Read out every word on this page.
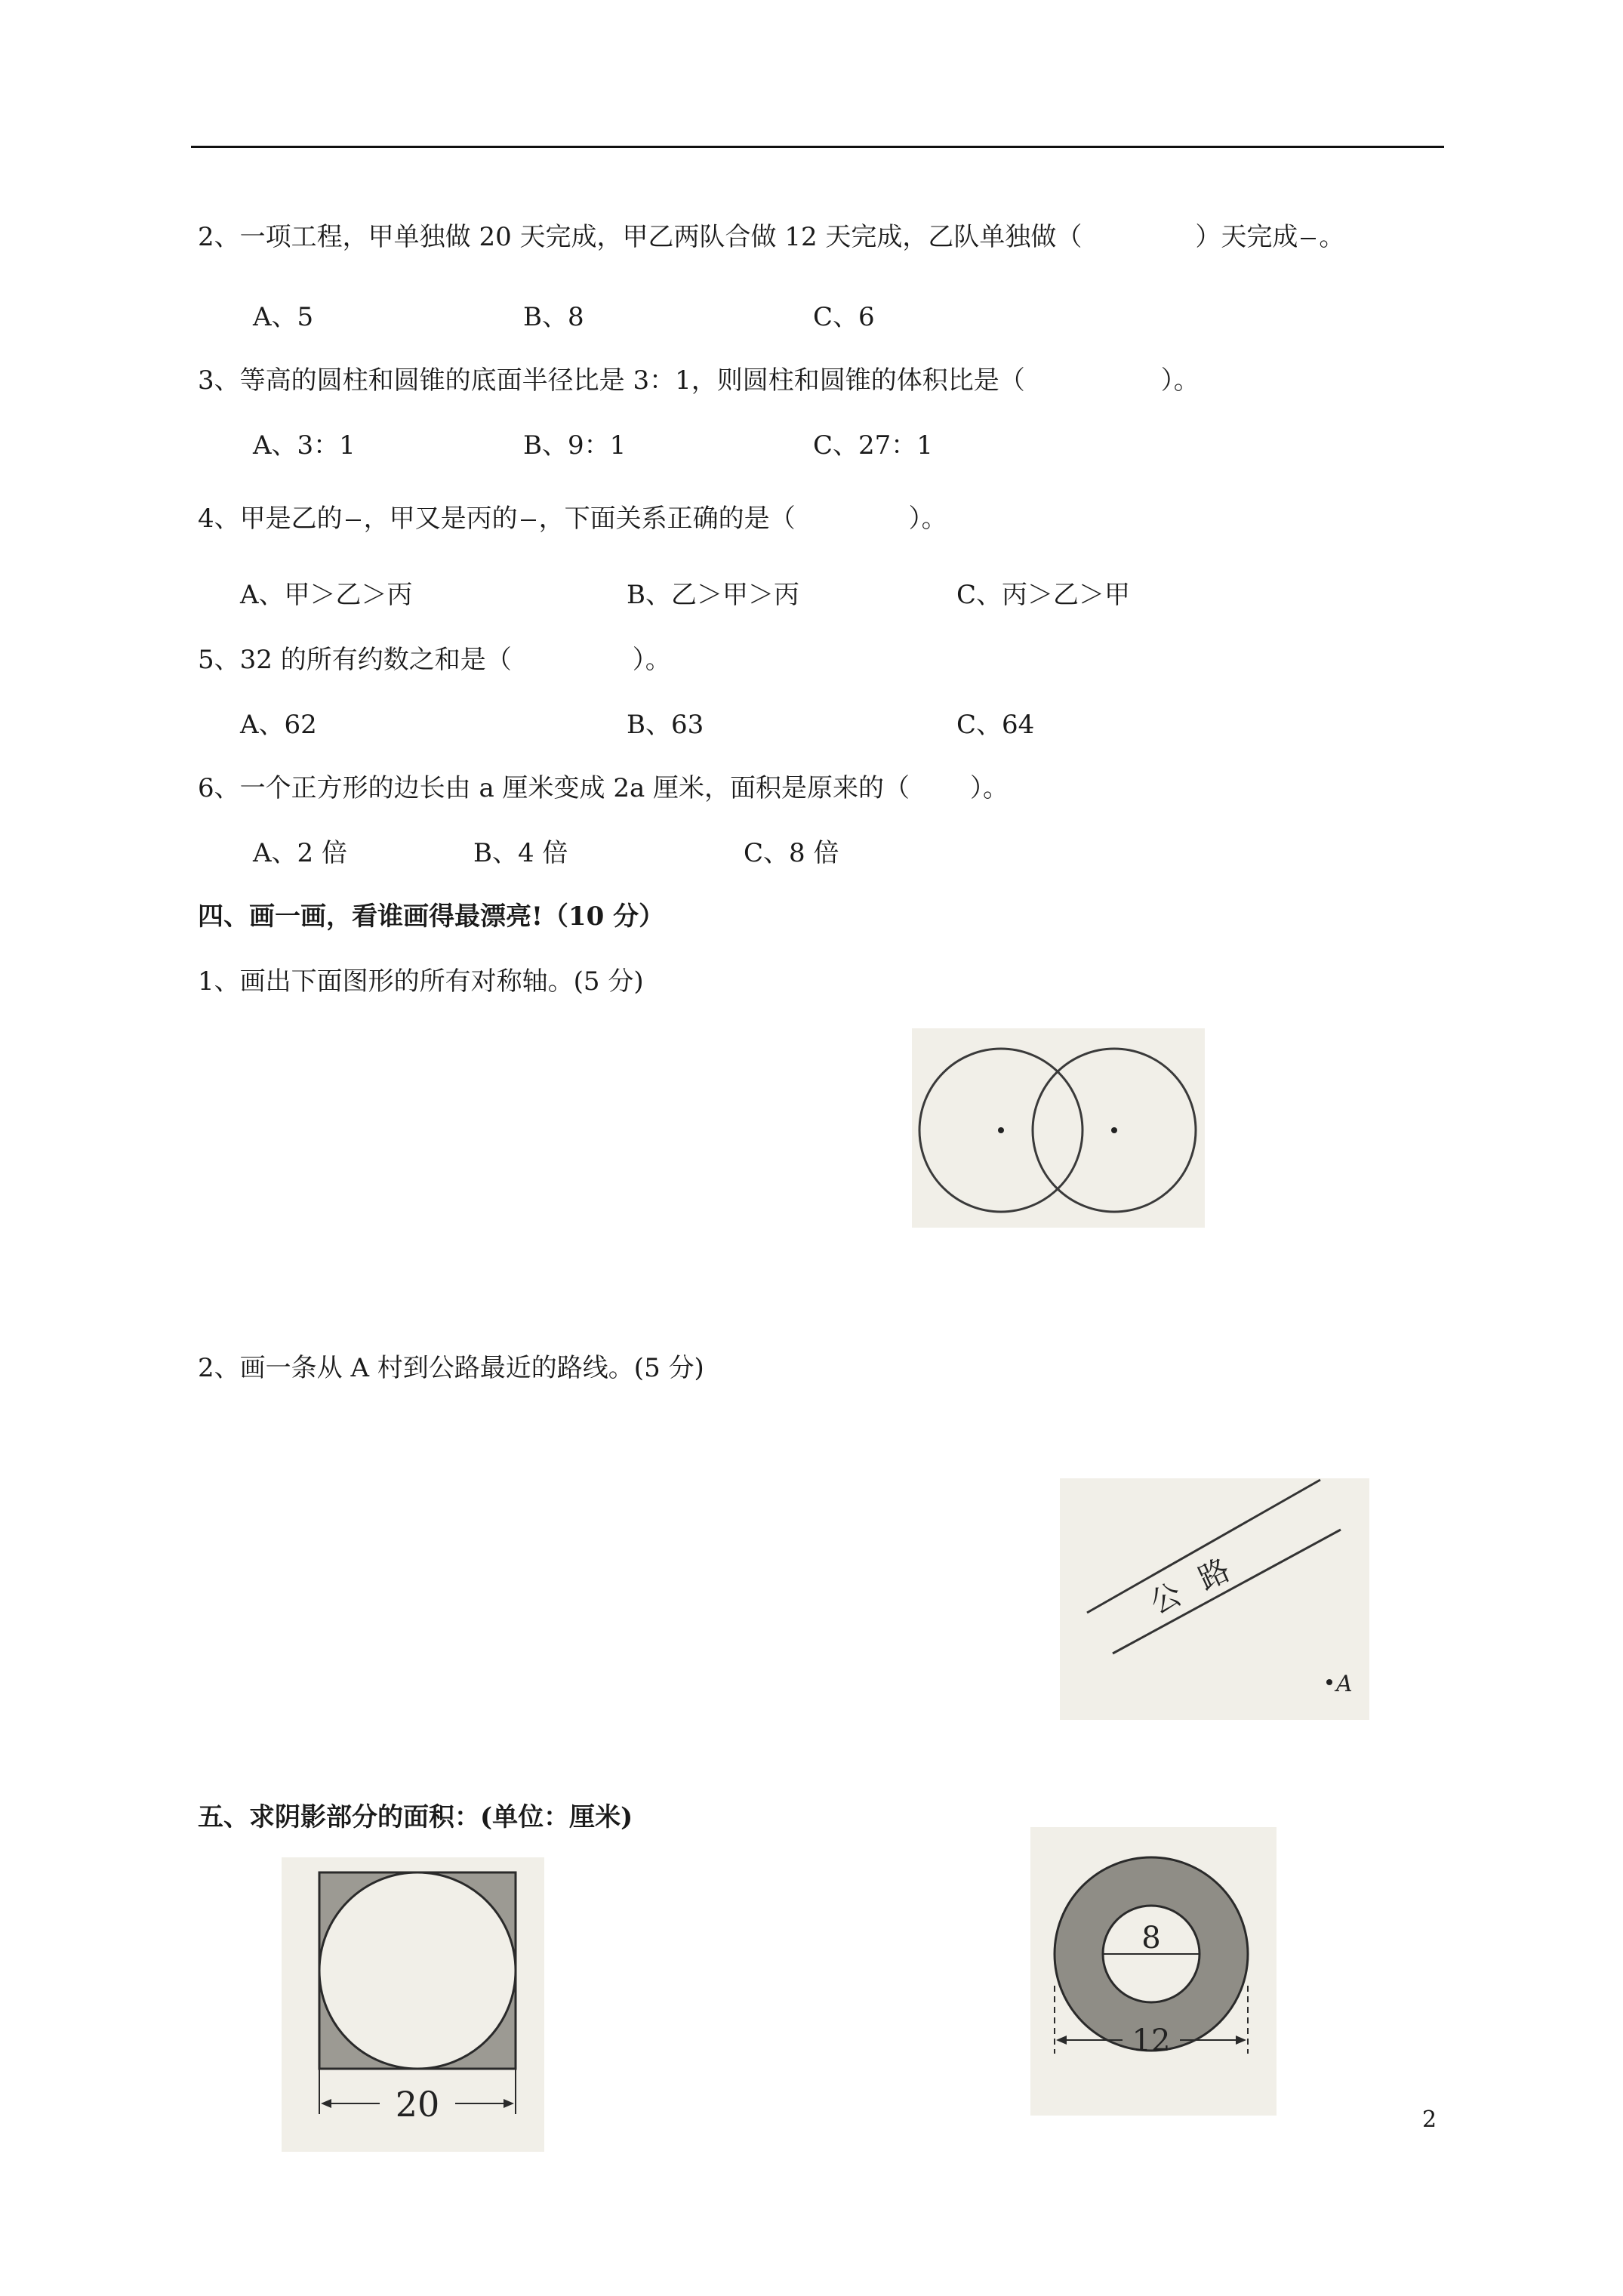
2、一项工程，甲单独做 20 天完成，甲乙两队合做 12 天完成，乙队单独做（	）天完成 。
A、5	B、8	C、6
3、等高的圆柱和圆锥的底面半径比是 3：1，则圆柱和圆锥的体积比是（	）。
A、3：1	B、9：1	C、27：1
4、甲是乙的 ，甲又是丙的 ，下面关系正确的是（	）。
A、甲＞乙＞丙	B、乙＞甲＞丙	C、丙＞乙＞甲
5、32 的所有约数之和是（	）。
A、62	B、63	C、64
6、一个正方形的边长由 a 厘米变成 2a 厘米，面积是原来的（ ）。
A、2 倍	B、4 倍	C、8 倍
四、画一画，看谁画得最漂亮!（10 分）
1、画出下面图形的所有对称轴。(5 分)
2、画一条从 A 村到公路最近的路线。(5 分)
公
路
A
五、求阴影部分的面积：(单位：厘米)
20
8
12
2
